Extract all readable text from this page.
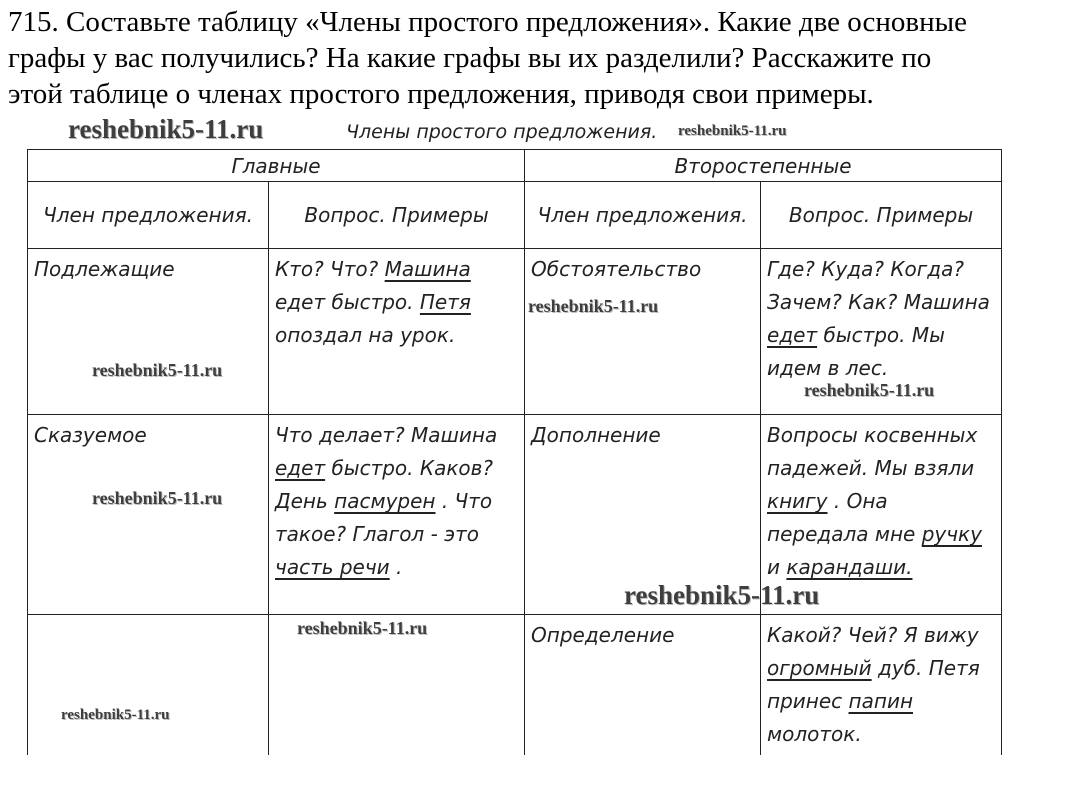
715. Составьте таблицу «Члены простого предложения». Какие две основные
графы у вас получились? На какие графы вы их разделили? Расскажите по
этой таблице о членах простого предложения, приводя свои примеры.
reshebnik5-11.ru	Члены простого предложения. reshebnik5-11.ru
Главные		Второстепенные	
Член предложения.	Вопрос. Примеры	Член предложения.	Вопрос. Примеры
Подлежащие	Кто? Что? Машина едет быстро. Петя опоздал на урок.	Обстоятельство	Где? Куда? Когда? Зачем? Как? Машина едет быстро. Мы идем в лес.
Сказуемое	Что делает? Машина едет быстро. Каков? День пасмурен . Что такое? Глагол - это часть речи .	Дополнение	Вопросы косвенных падежей. Мы взяли книгу . Она передала мне ручку и карандаши.
		Определение	Какой? Чей? Я вижу огромный дуб. Петя принес папин молоток.
reshebnik5-11.ru
reshebnik5-11.ru
reshebnik5-11.ru
reshebnik5-11.ru
reshebnik5-11.ru
reshebnik5-11.ru
reshebnik5-11.ru
